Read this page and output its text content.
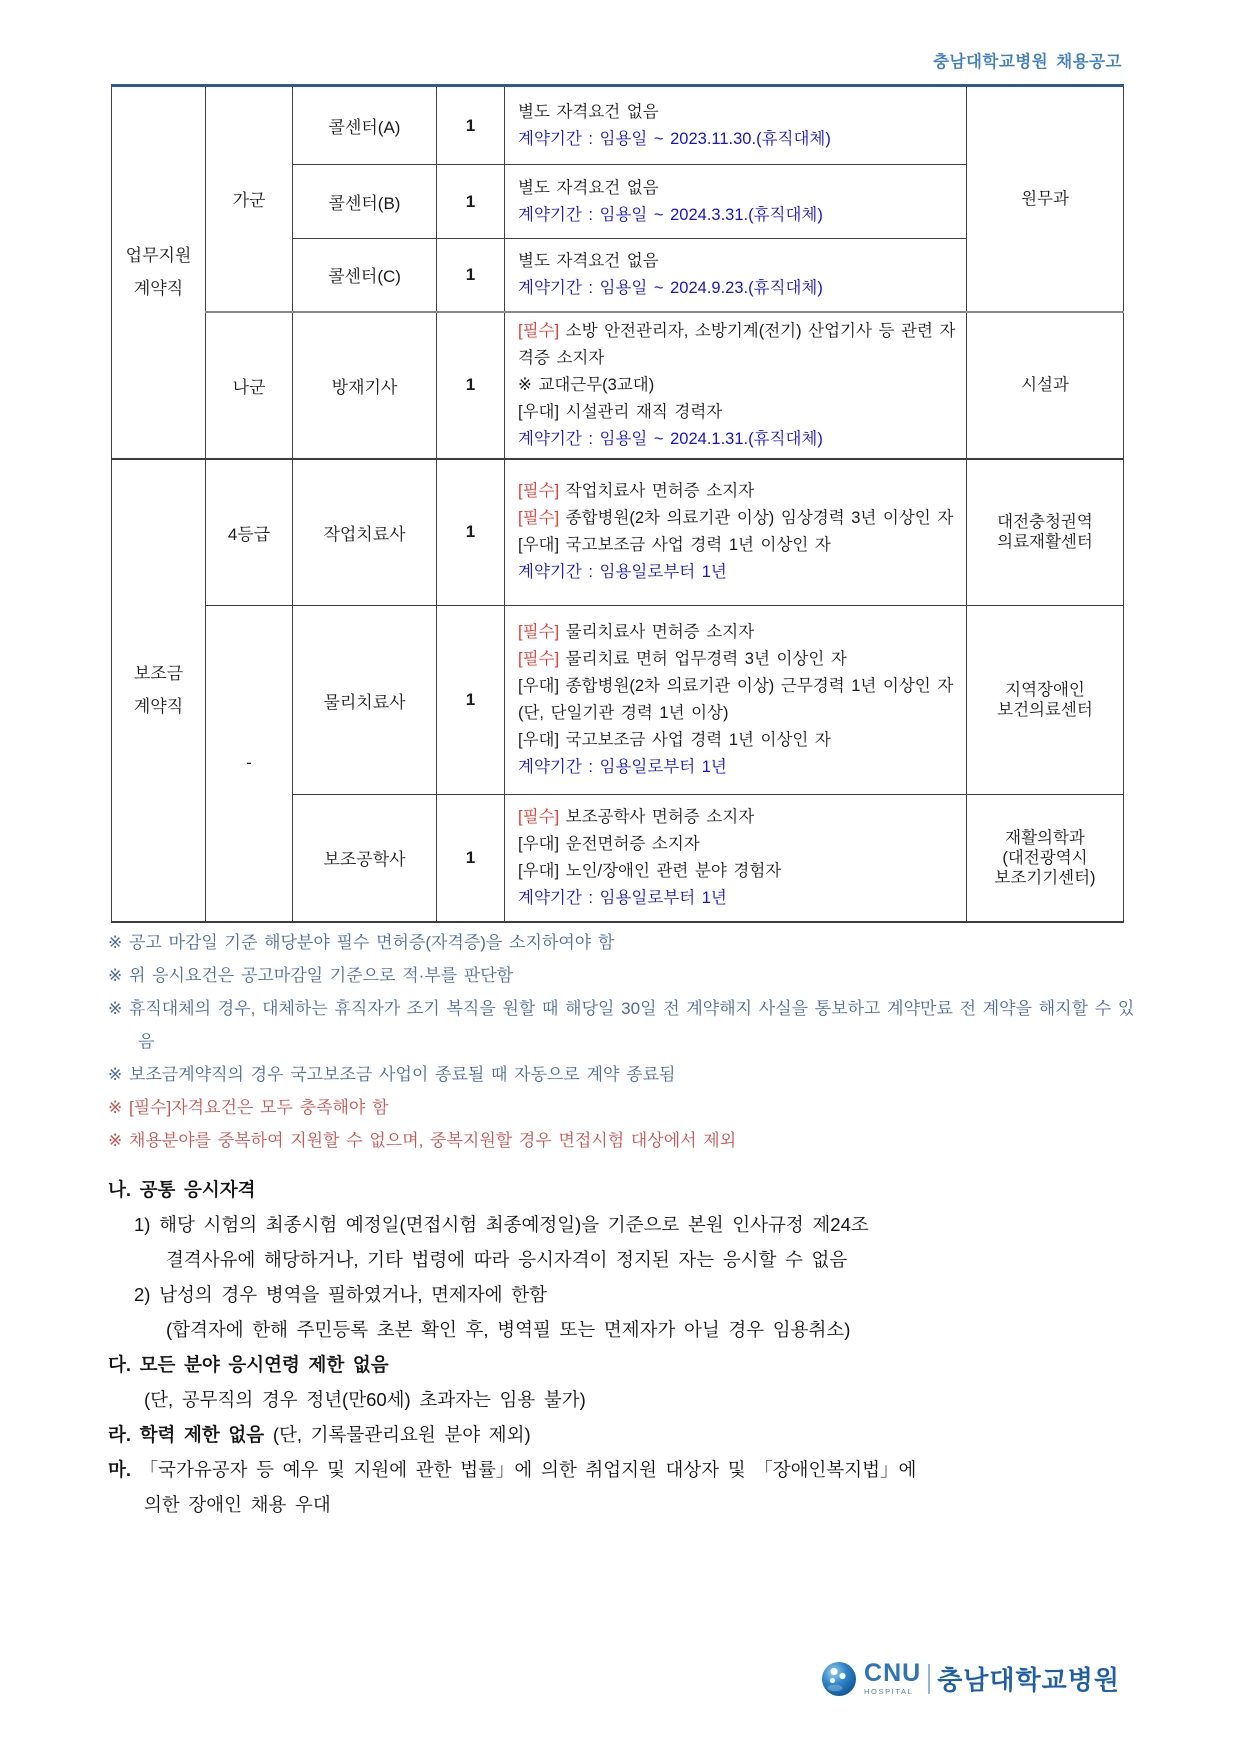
충남대학교병원 채용공고
업무지원
계약직	가군	콜센터(A)	1	
별도 자격요건 없음
계약기간 : 임용일 ~ 2023.11.30.(휴직대체)
	원무과
		콜센터(B)	1	별도 자격요건 없음
계약기간 : 임용일 ~ 2024.3.31.(휴직대체)	

		콜센터(C)	1	별도 자격요건 없음
계약기간 : 임용일 ~ 2024.9.23.(휴직대체)	

	나군	방재기사	1	[필수] 소방 안전관리자, 소방기계(전기) 산업기사 등 관련 자격증 소지자
※ 교대근무(3교대)
[우대] 시설관리 재직 경력자
계약기간 : 임용일 ~ 2024.1.31.(휴직대체)	시설과
보조금
계약직	4등급	작업치료사	1	
[필수] 작업치료사 면허증 소지자
[필수] 종합병원(2차 의료기관 이상) 임상경력 3년 이상인 자
[우대] 국고보조금 사업 경력 1년 이상인 자
계약기간 : 임용일로부터 1년
	대전충청권역
의료재활센터
-	물리치료사	1	
[필수] 물리치료사 면허증 소지자
[필수] 물리치료 면허 업무경력 3년 이상인 자
[우대] 종합병원(2차 의료기관 이상) 근무경력 1년 이상인 자 (단, 단일기관 경력 1년 이상)
[우대] 국고보조금 사업 경력 1년 이상인 자
계약기간 : 임용일로부터 1년
	지역장애인
보건의료센터
보조공학사	1	
[필수] 보조공학사 면허증 소지자
[우대] 운전면허증 소지자
[우대] 노인/장애인 관련 분야 경험자
계약기간 : 임용일로부터 1년
	재활의학과
(대전광역시
보조기기센터)
※ 공고 마감일 기준 해당분야 필수 면허증(자격증)을 소지하여야 함
※ 위 응시요건은 공고마감일 기준으로 적·부를 판단함
※ 휴직대체의 경우, 대체하는 휴직자가 조기 복직을 원할 때 해당일 30일 전 계약해지 사실을 통보하고 계약만료 전 계약을 해지할 수 있음
※ 보조금계약직의 경우 국고보조금 사업이 종료될 때 자동으로 계약 종료됨
※ [필수]자격요건은 모두 충족해야 함
※ 채용분야를 중복하여 지원할 수 없으며, 중복지원할 경우 면접시험 대상에서 제외
나. 공통 응시자격
1) 해당 시험의 최종시험 예정일(면접시험 최종예정일)을 기준으로 본원 인사규정 제24조
결격사유에 해당하거나, 기타 법령에 따라 응시자격이 정지된 자는 응시할 수 없음
2) 남성의 경우 병역을 필하였거나, 면제자에 한함
(합격자에 한해 주민등록 초본 확인 후, 병역필 또는 면제자가 아닐 경우 임용취소)
다. 모든 분야 응시연령 제한 없음
(단, 공무직의 경우 정년(만60세) 초과자는 임용 불가)
라. 학력 제한 없음 (단, 기록물관리요원 분야 제외)
마. 「국가유공자 등 예우 및 지원에 관한 법률」에 의한 취업지원 대상자 및 「장애인복지법」에
의한 장애인 채용 우대
CNU
HOSPITAL 충남대학교병원
